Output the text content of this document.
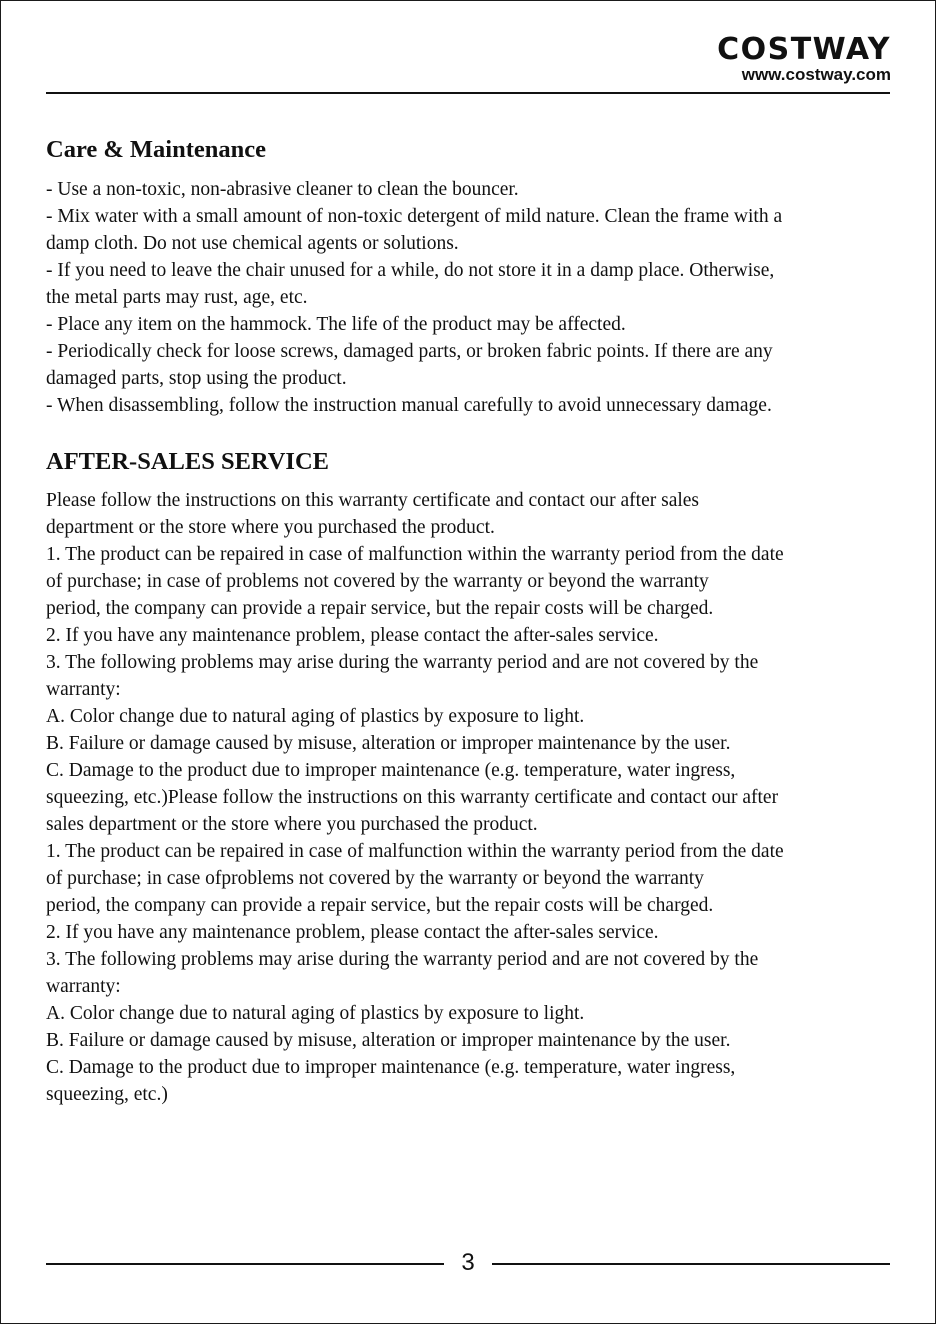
COSTWAY
www.costway.com
Care & Maintenance

- Use a non-toxic, non-abrasive cleaner to clean the bouncer.

- Mix water with a small amount of non-toxic detergent of mild nature. Clean the frame with a

damp cloth. Do not use chemical agents or solutions.

- If you need to leave the chair unused for a while, do not store it in a damp place. Otherwise,

the metal parts may rust, age, etc.

- Place any item on the hammock. The life of the product may be affected.

- Periodically check for loose screws, damaged parts, or broken fabric points. If there are any

damaged parts, stop using the product.

- When disassembling, follow the instruction manual carefully to avoid unnecessary damage.

AFTER-SALES SERVICE

Please follow the instructions on this warranty certificate and contact our after sales

department or the store where you purchased the product.

1. The product can be repaired in case of malfunction within the warranty period from the date

of purchase; in case of problems not covered by the warranty or beyond the warranty

period, the company can provide a repair service, but the repair costs will be charged.

2. If you have any maintenance problem, please contact the after-sales service.

3. The following problems may arise during the warranty period and are not covered by the

warranty:

A. Color change due to natural aging of plastics by exposure to light.

B. Failure or damage caused by misuse, alteration or improper maintenance by the user.

C. Damage to the product due to improper maintenance (e.g. temperature, water ingress,

squeezing, etc.)Please follow the instructions on this warranty certificate and contact our after

sales department or the store where you purchased the product.

1. The product can be repaired in case of malfunction within the warranty period from the date

of purchase; in case ofproblems not covered by the warranty or beyond the warranty

period, the company can provide a repair service, but the repair costs will be charged.

2. If you have any maintenance problem, please contact the after-sales service.

3. The following problems may arise during the warranty period and are not covered by the

warranty:

A. Color change due to natural aging of plastics by exposure to light.

B. Failure or damage caused by misuse, alteration or improper maintenance by the user.

C. Damage to the product due to improper maintenance (e.g. temperature, water ingress,

squeezing, etc.)

3
